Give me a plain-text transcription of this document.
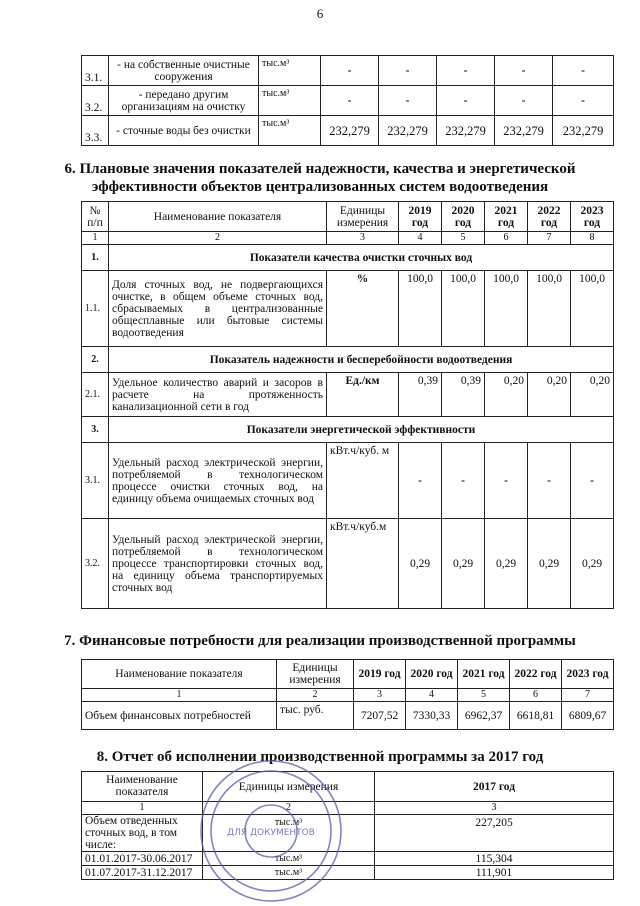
6
3.1.	- на собственные очистные сооружения	тыс.м³	-	-	-	-	-
3.2.	- передано другим организациям на очистку	тыс.м³	-	-	-	-	-
3.3.	- сточные воды без очистки	тыс.м³	232,279	232,279	232,279	232,279	232,279
6. Плановые значения показателей надежности, качества и энергетической
эффективности объектов централизованных систем водоотведения
№ п/п	Наименование показателя	Единицы измерения	2019 год	2020 год	2021 год	2022 год	2023 год
1	2	3	4	5	6	7	8
1.	Показатели качества очистки сточных вод						
1.1.	Доля сточных вод, не подвергающихся очистке, в общем объеме сточных вод, сбрасываемых в централизованные общесплавные или бытовые системы водоотведения	%	100,0	100,0	100,0	100,0	100,0
2.	Показатель надежности и бесперебойности водоотведения						
2.1.	Удельное количество аварий и засоров в расчете на протяженность канализационной сети в год	Ед./км	0,39	0,39	0,20	0,20	0,20
3.	Показатели энергетической эффективности						
3.1.	Удельный расход электрической энергии, потребляемой в технологическом процессе очистки сточных вод, на единицу объема очищаемых сточных вод	кВт.ч/куб. м	-	-	-	-	-
3.2.	Удельный расход электрической энергии, потребляемой в технологическом процессе транспортировки сточных вод, на единицу объема транспортируемых сточных вод	кВт.ч/куб.м	0,29	0,29	0,29	0,29	0,29
7. Финансовые потребности для реализации производственной программы
Наименование показателя	Единицы измерения	2019 год	2020 год	2021 год	2022 год	2023 год
1	2	3	4	5	6	7
Объем финансовых потребностей	тыс. руб.	7207,52	7330,33	6962,37	6618,81	6809,67
8. Отчет об исполнении производственной программы за 2017 год
Наименование показателя	Единицы измерения	2017 год
1	2	3
Объем отведенных сточных вод, в том числе:	тыс.м³	227,205
01.01.2017-30.06.2017	тыс.м³	115,304
01.07.2017-31.12.2017	тыс.м³	111,901
ДЛЯ ДОКУМЕНТОВ
